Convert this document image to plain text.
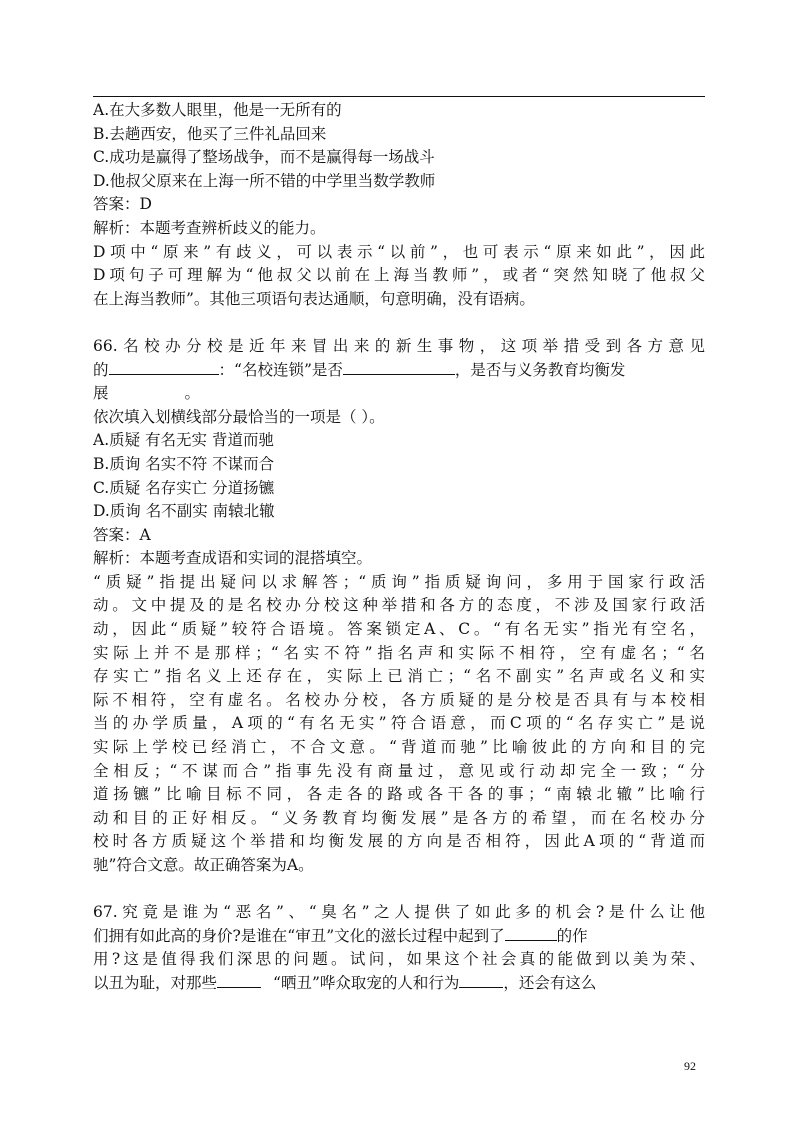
A.在大多数人眼里，他是一无所有的
B.去趟西安，他买了三件礼品回来
C.成功是赢得了整场战争，而不是赢得每一场战斗
D.他叔父原来在上海一所不错的中学里当数学教师
答案：D
解析：本题考查辨析歧义的能力。
D项中“原来”有歧义，可以表示“以前”，也可表示“原来如此”，因此
D项句子可理解为“他叔父以前在上海当教师”，或者“突然知晓了他叔父
在上海当教师”。其他三项语句表达通顺，句意明确，没有语病。
66.名校办分校是近年来冒出来的新生事物，这项举措受到各方意见
的	：“名校连锁”是否	，是否与义务教育均衡发
展	。
依次填入划横线部分最恰当的一项是（ ）。
A.质疑 有名无实 背道而驰
B.质询 名实不符 不谋而合
C.质疑 名存实亡 分道扬镳
D.质询 名不副实 南辕北辙
答案：A
解析：本题考查成语和实词的混搭填空。
“质疑”指提出疑问以求解答；“质询”指质疑询问，多用于国家行政活
动。文中提及的是名校办分校这种举措和各方的态度，不涉及国家行政活
动，因此“质疑”较符合语境。答案锁定A、C。“有名无实”指光有空名，
实际上并不是那样；“名实不符”指名声和实际不相符，空有虚名；“名
存实亡”指名义上还存在，实际上已消亡；“名不副实”名声或名义和实
际不相符，空有虚名。名校办分校，各方质疑的是分校是否具有与本校相
当的办学质量，A项的“有名无实”符合语意，而C项的“名存实亡”是说
实际上学校已经消亡，不合文意。“背道而驰”比喻彼此的方向和目的完
全相反；“不谋而合”指事先没有商量过，意见或行动却完全一致；“分
道扬镳”比喻目标不同，各走各的路或各干各的事；“南辕北辙”比喻行
动和目的正好相反。“义务教育均衡发展”是各方的希望，而在名校办分
校时各方质疑这个举措和均衡发展的方向是否相符，因此A项的“背道而
驰”符合文意。故正确答案为A。
67.究竟是谁为“恶名”、“臭名”之人提供了如此多的机会?是什么让他
们拥有如此高的身价?是谁在“审丑”文化的滋长过程中起到了	的作
用?这是值得我们深思的问题。试问，如果这个社会真的能做到以美为荣、
以丑为耻，对那些	“晒丑”哗众取宠的人和行为	，还会有这么
92
